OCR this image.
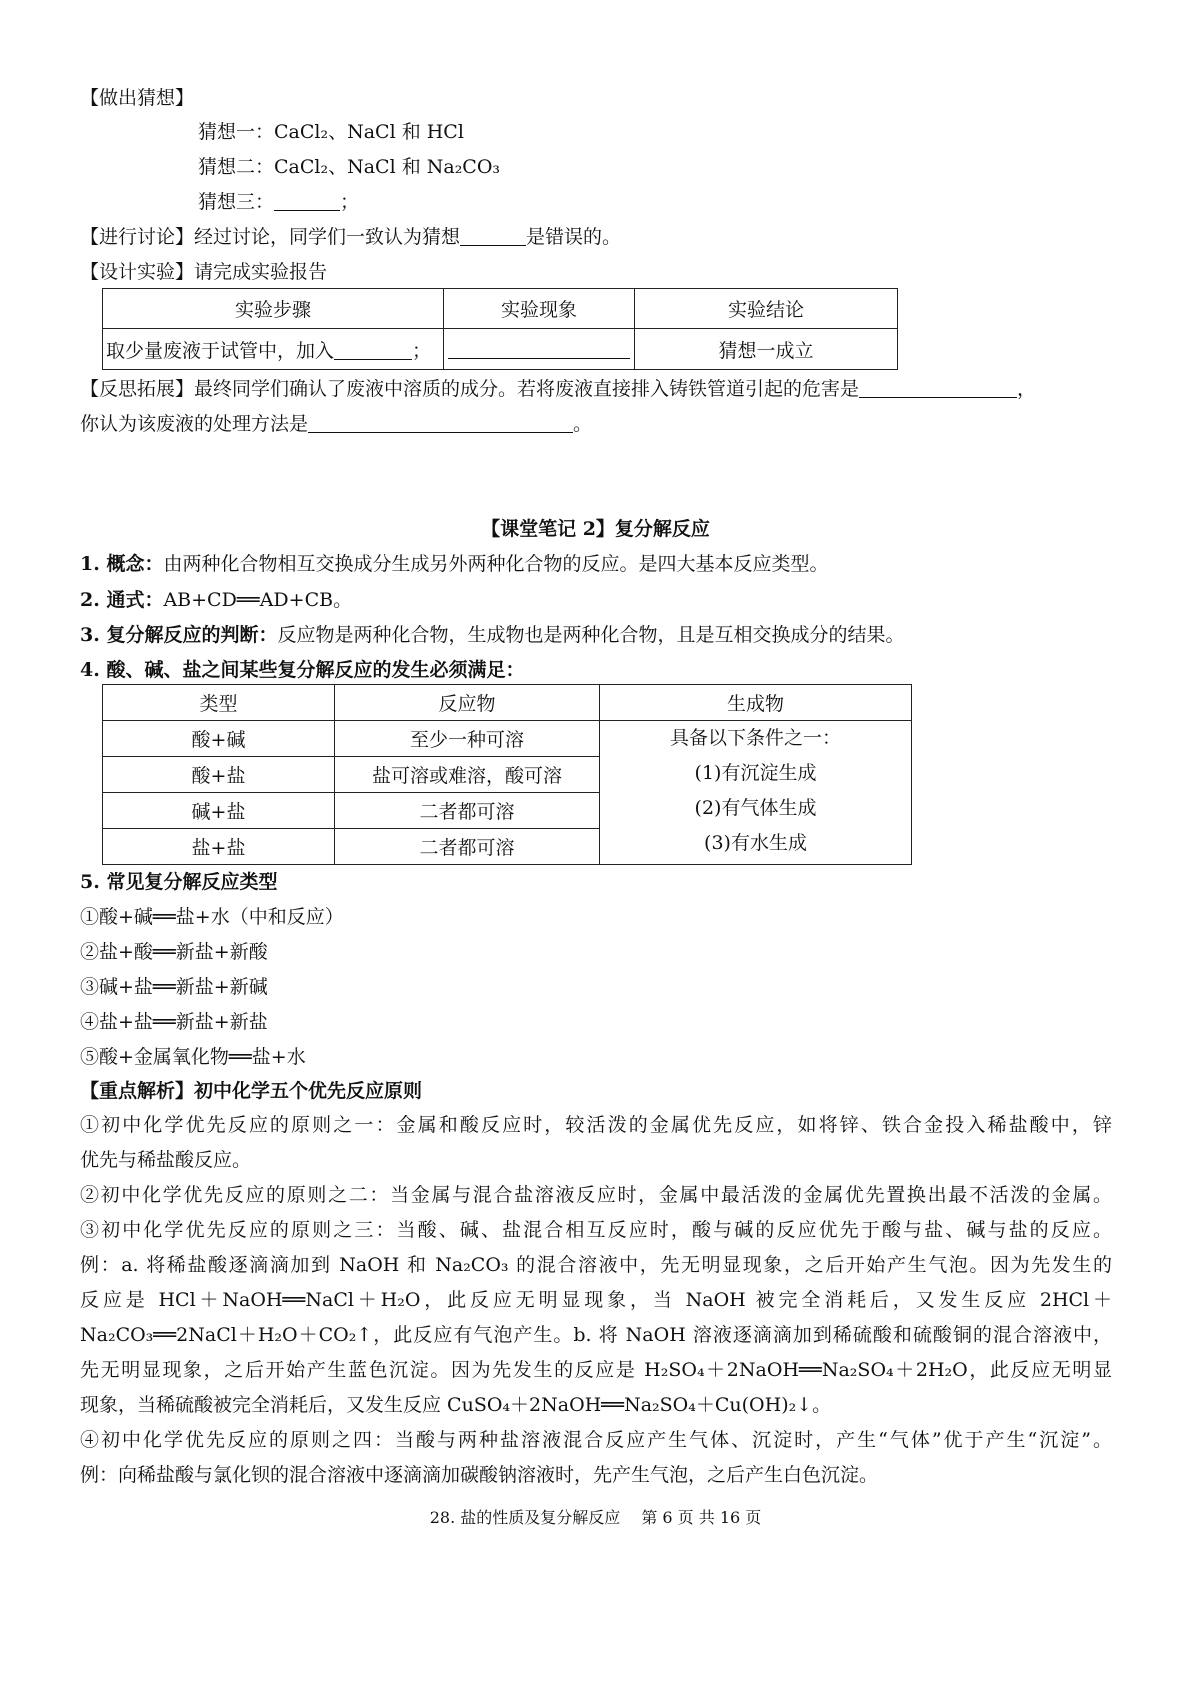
【做出猜想】
猜想一：CaCl₂、NaCl 和 HCl
猜想二：CaCl₂、NaCl 和 Na₂CO₃
猜想三：	；
【进行讨论】经过讨论，同学们一致认为猜想	是错误的。
【设计实验】请完成实验报告
实验步骤	实验现象	实验结论
取少量废液于试管中，加入 ；		猜想一成立
【反思拓展】最终同学们确认了废液中溶质的成分。若将废液直接排入铸铁管道引起的危害是	，
你认为该废液的处理方法是	。
【课堂笔记 2】复分解反应
1. 概念：由两种化合物相互交换成分生成另外两种化合物的反应。是四大基本反应类型。
2. 通式：AB+CD══AD+CB。
3. 复分解反应的判断：反应物是两种化合物，生成物也是两种化合物，且是互相交换成分的结果。
4. 酸、碱、盐之间某些复分解反应的发生必须满足：
类型	反应物	生成物
酸+碱	至少一种可溶	具备以下条件之一：
(1)有沉淀生成
(2)有气体生成
(3)有水生成

酸+盐	盐可溶或难溶，酸可溶	
碱+盐	二者都可溶	
盐+盐	二者都可溶	
5. 常见复分解反应类型
①酸+碱══盐+水（中和反应）
②盐+酸══新盐+新酸
③碱+盐══新盐+新碱
④盐+盐══新盐+新盐
⑤酸+金属氧化物══盐+水
【重点解析】初中化学五个优先反应原则
①初中化学优先反应的原则之一：金属和酸反应时，较活泼的金属优先反应，如将锌、铁合金投入稀盐酸中，锌
优先与稀盐酸反应。
②初中化学优先反应的原则之二：当金属与混合盐溶液反应时，金属中最活泼的金属优先置换出最不活泼的金属。
③初中化学优先反应的原则之三：当酸、碱、盐混合相互反应时，酸与碱的反应优先于酸与盐、碱与盐的反应。
例：a. 将稀盐酸逐滴滴加到 NaOH 和 Na₂CO₃ 的混合溶液中，先无明显现象，之后开始产生气泡。因为先发生的
反应是 HCl＋NaOH══NaCl＋H₂O，此反应无明显现象，当 NaOH 被完全消耗后，又发生反应 2HCl＋
Na₂CO₃══2NaCl＋H₂O＋CO₂↑，此反应有气泡产生。b. 将 NaOH 溶液逐滴滴加到稀硫酸和硫酸铜的混合溶液中，
先无明显现象，之后开始产生蓝色沉淀。因为先发生的反应是 H₂SO₄＋2NaOH══Na₂SO₄＋2H₂O，此反应无明显
现象，当稀硫酸被完全消耗后，又发生反应 CuSO₄＋2NaOH══Na₂SO₄＋Cu(OH)₂↓。
④初中化学优先反应的原则之四：当酸与两种盐溶液混合反应产生气体、沉淀时，产生“气体”优于产生“沉淀”。
例：向稀盐酸与氯化钡的混合溶液中逐滴滴加碳酸钠溶液时，先产生气泡，之后产生白色沉淀。
28. 盐的性质及复分解反应　 第 6 页 共 16 页
